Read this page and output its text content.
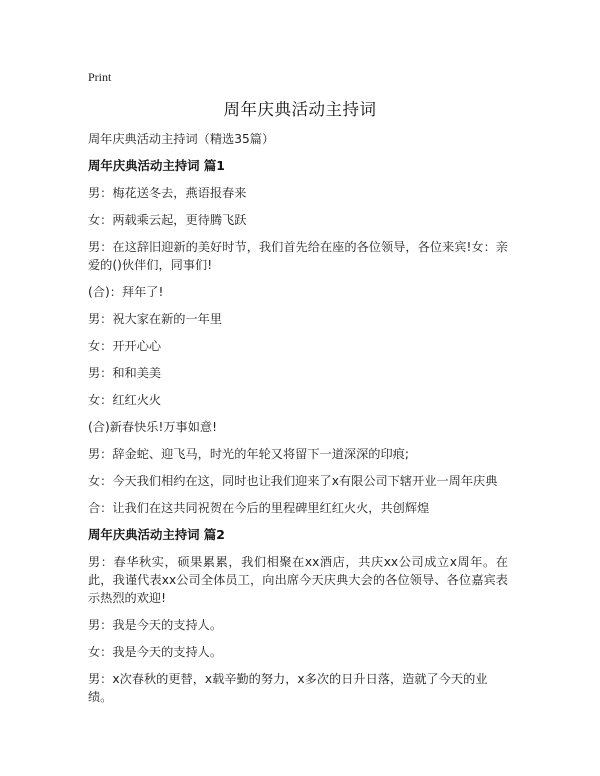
Print
周年庆典活动主持词

周年庆典活动主持词（精选35篇）

周年庆典活动主持词 篇1

男：梅花送冬去，燕语报春来

女：两载乘云起，更待腾飞跃

男：在这辞旧迎新的美好时节，我们首先给在座的各位领导，各位来宾!女：亲爱的()伙伴们，同事们!

(合)：拜年了!

男：祝大家在新的一年里

女：开开心心

男：和和美美

女：红红火火

(合)新春快乐!万事如意!

男：辞金蛇、迎飞马，时光的年轮又将留下一道深深的印痕;

女：今天我们相约在这，同时也让我们迎来了x有限公司下辖开业一周年庆典

合：让我们在这共同祝贺在今后的里程碑里红红火火，共创辉煌

周年庆典活动主持词 篇2

男：春华秋实，硕果累累，我们相聚在xx酒店，共庆xx公司成立x周年。在此，我谨代表xx公司全体员工，向出席今天庆典大会的各位领导、各位嘉宾表示热烈的欢迎!

男：我是今天的支持人。

女：我是今天的支持人。

男：x次春秋的更替，x载辛勤的努力，x多次的日升日落，造就了今天的业绩。
